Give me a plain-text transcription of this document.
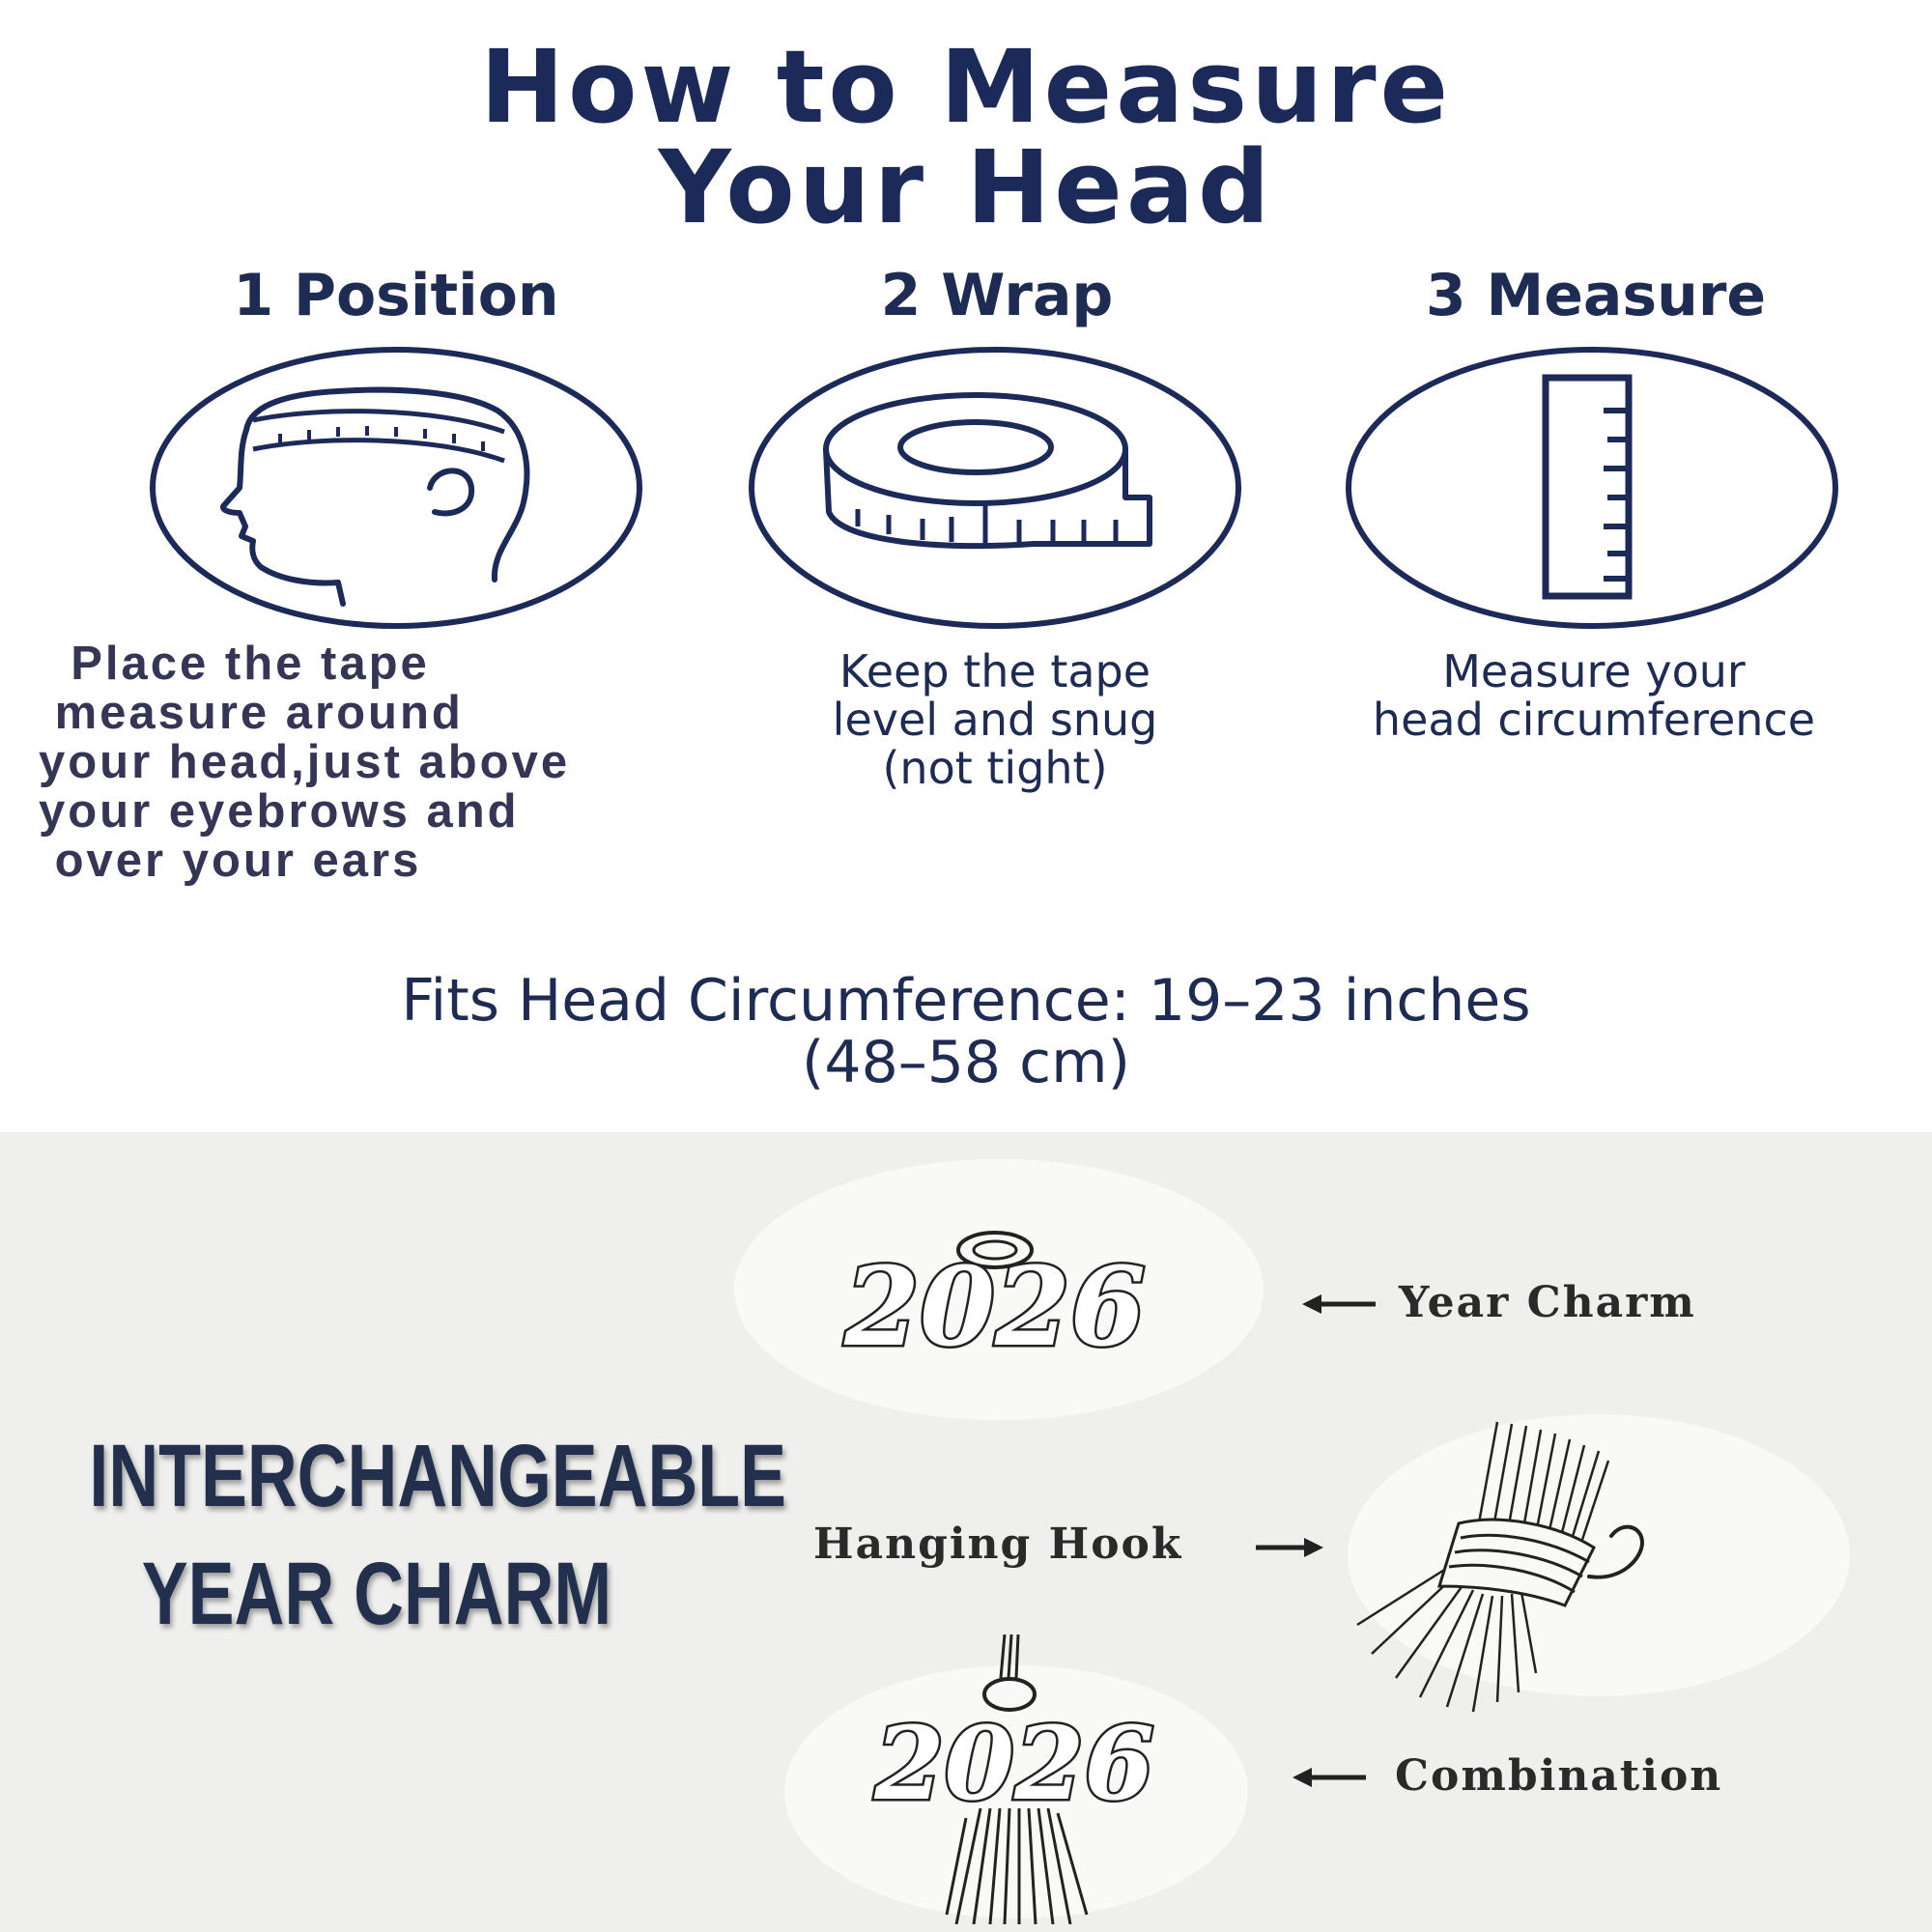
How to Measure
Your Head
1 Position	2 Wrap	3 Measure
Place the tape
measure around
your head,just above
your eyebrows and
over your ears
Keep the tape
level and snug
(not tight)
Measure your
head circumference
Fits Head Circumference: 19–23 inches
(48–58 cm)
INTERCHANGEABLE
YEAR CHARM
2026	Year Charm
Hanging Hook
2026	Combination
